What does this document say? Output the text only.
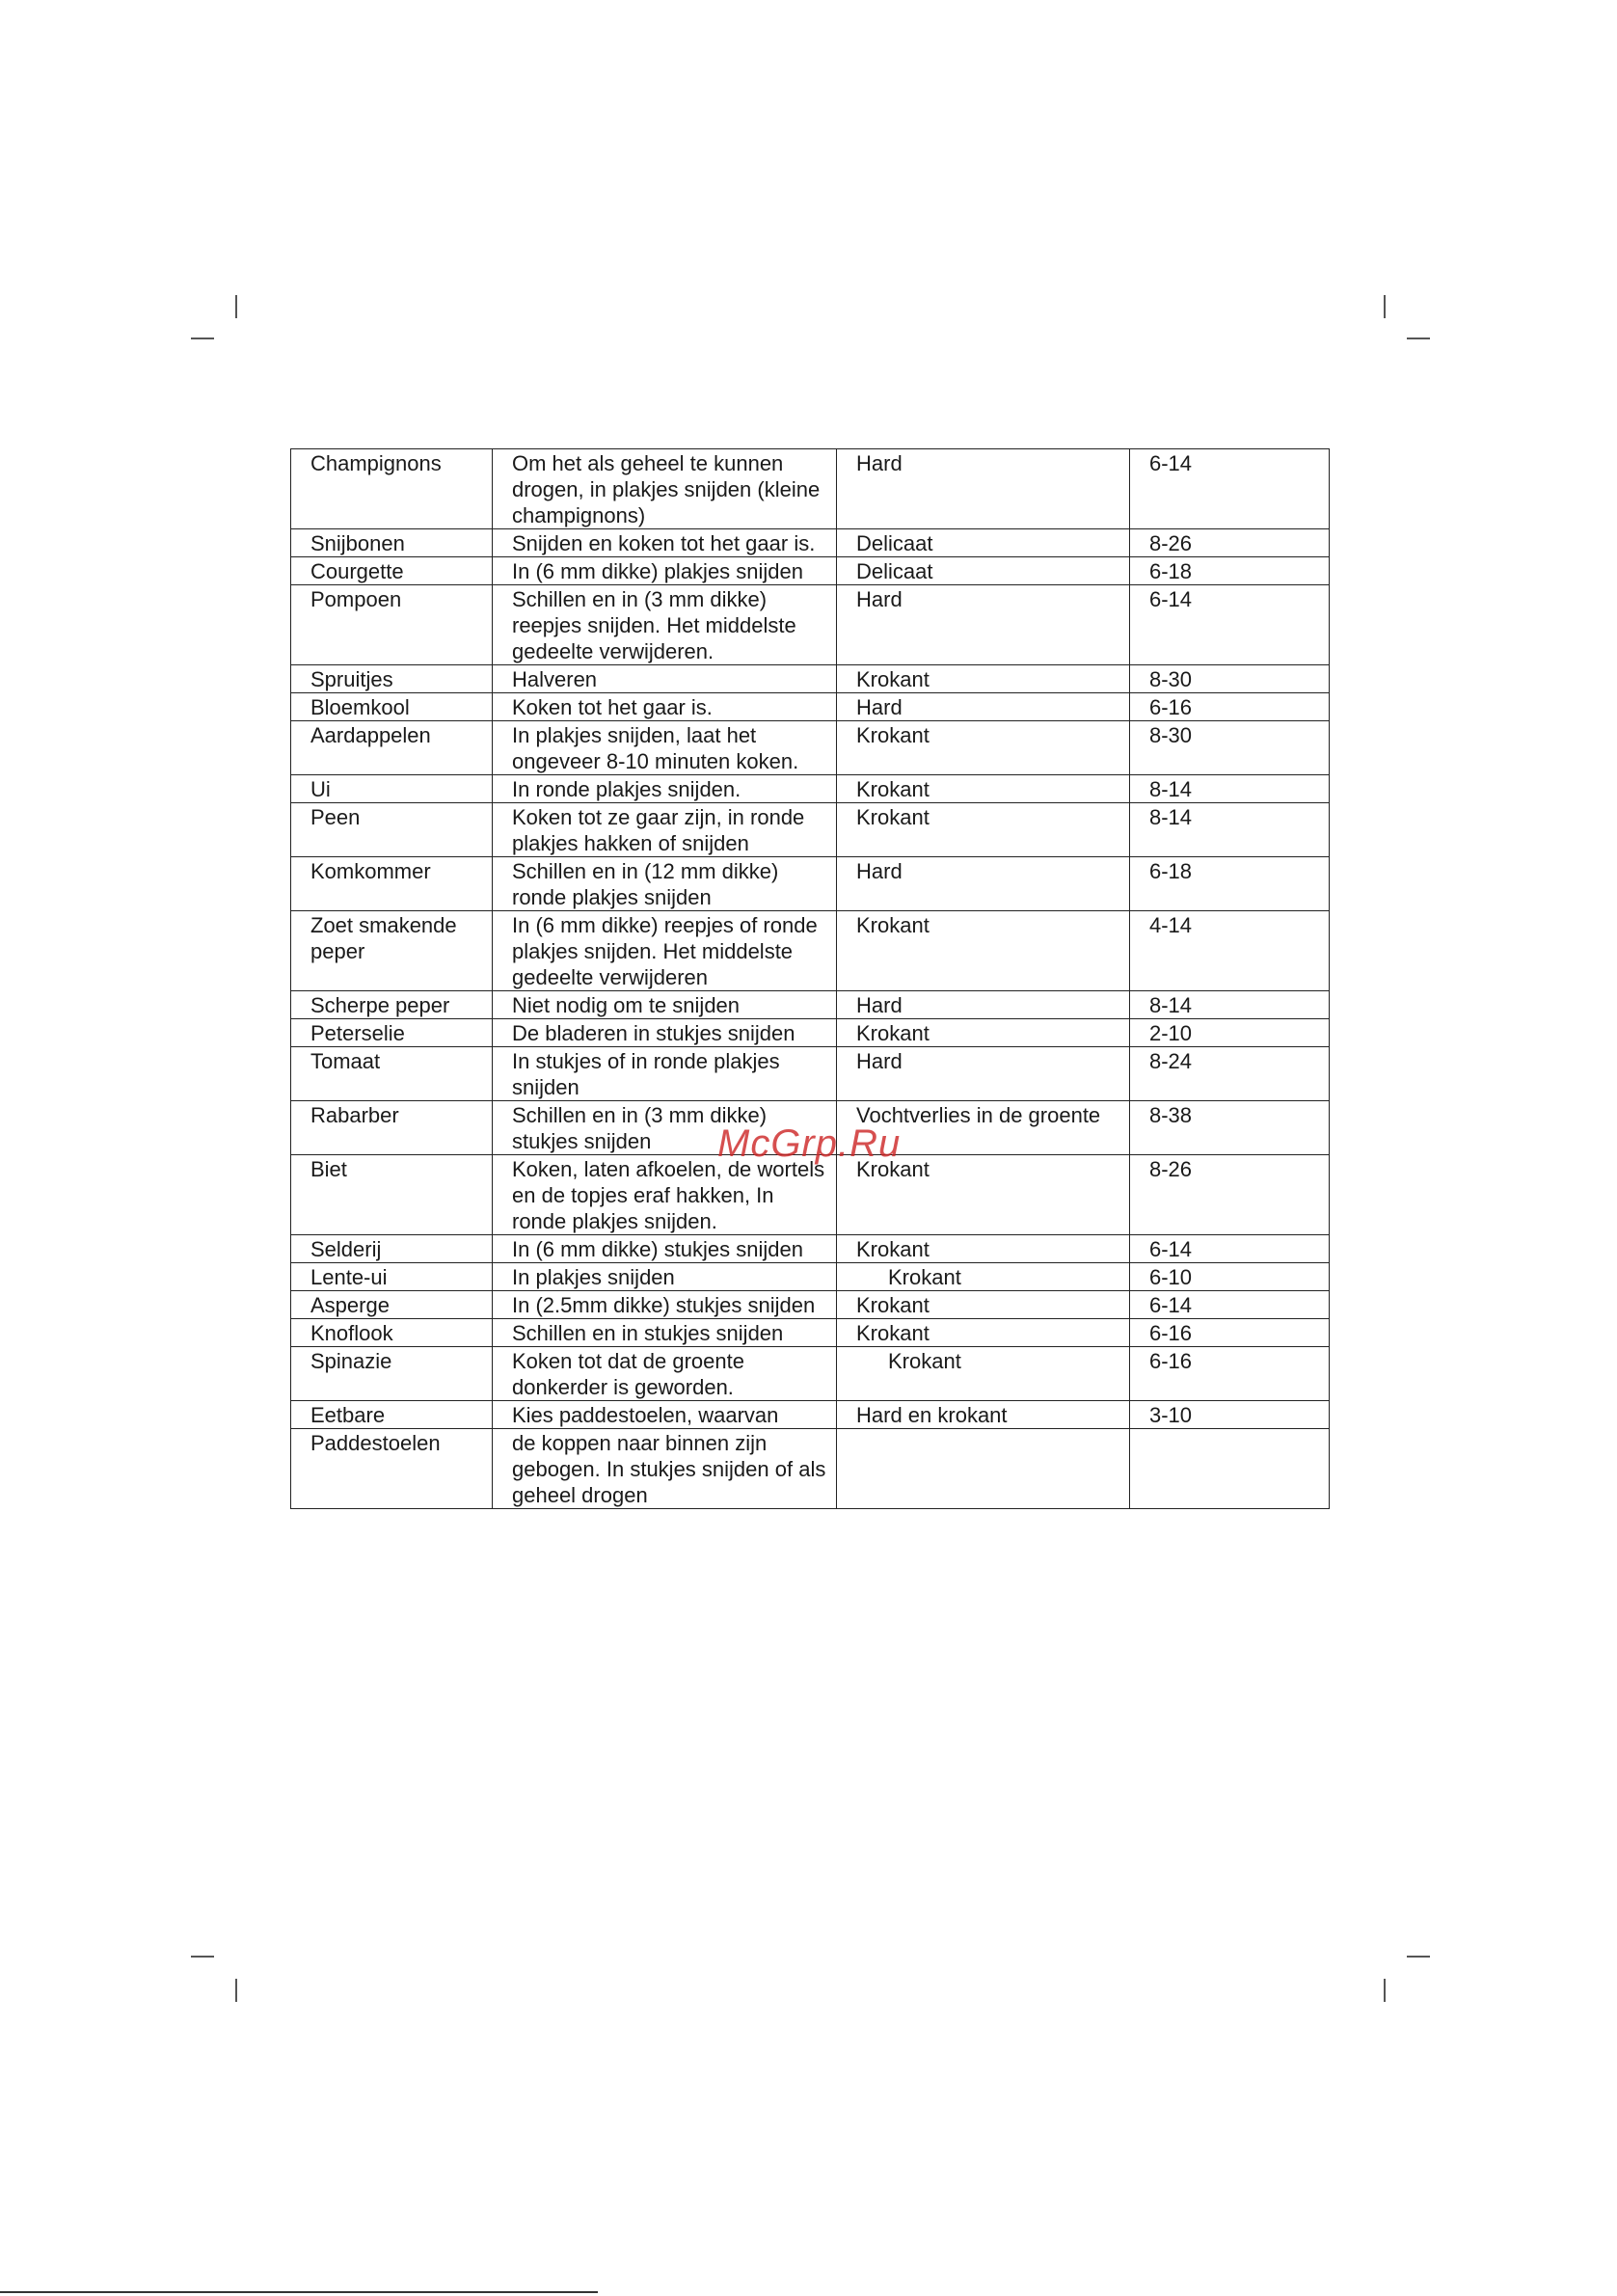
Champignons	Om het als geheel te kunnen drogen, in plakjes snijden (kleine champignons)	Hard	6-14
Snijbonen	Snijden en koken tot het gaar is.	Delicaat	8-26
Courgette	In (6 mm dikke) plakjes snijden	Delicaat	6-18
Pompoen	Schillen en in (3 mm dikke) reepjes snijden. Het middelste gedeelte verwijderen.	Hard	6-14
Spruitjes	Halveren	Krokant	8-30
Bloemkool	Koken tot het gaar is.	Hard	6-16
Aardappelen	In plakjes snijden, laat het ongeveer 8-10 minuten koken.	Krokant	8-30
Ui	In ronde plakjes snijden.	Krokant	8-14
Peen	Koken tot ze gaar zijn, in ronde plakjes hakken of snijden	Krokant	8-14
Komkommer	Schillen en in (12 mm dikke) ronde plakjes snijden	Hard	6-18
Zoet smakende peper	In (6 mm dikke) reepjes of ronde plakjes snijden. Het middelste gedeelte verwijderen	Krokant	4-14
Scherpe peper	Niet nodig om te snijden	Hard	8-14
Peterselie	De bladeren in stukjes snijden	Krokant	2-10
Tomaat	In stukjes of in ronde plakjes snijden	Hard	8-24
Rabarber	Schillen en in (3 mm dikke) stukjes snijden	Vochtverlies in de groente	8-38
Biet	Koken, laten afkoelen, de wortels en de topjes eraf hakken, In ronde plakjes snijden.	Krokant	8-26
Selderij	In (6 mm dikke) stukjes snijden	Krokant	6-14
Lente-ui	In plakjes snijden	Krokant	6-10
Asperge	In (2.5mm dikke) stukjes snijden	Krokant	6-14
Knoflook	Schillen en in stukjes snijden	Krokant	6-16
Spinazie	Koken tot dat de groente donkerder is geworden.	Krokant	6-16
Eetbare	Kies paddestoelen, waarvan	Hard en krokant	3-10
Paddestoelen	de koppen naar binnen zijn gebogen. In stukjes snijden of als geheel drogen		
McGrp.Ru
